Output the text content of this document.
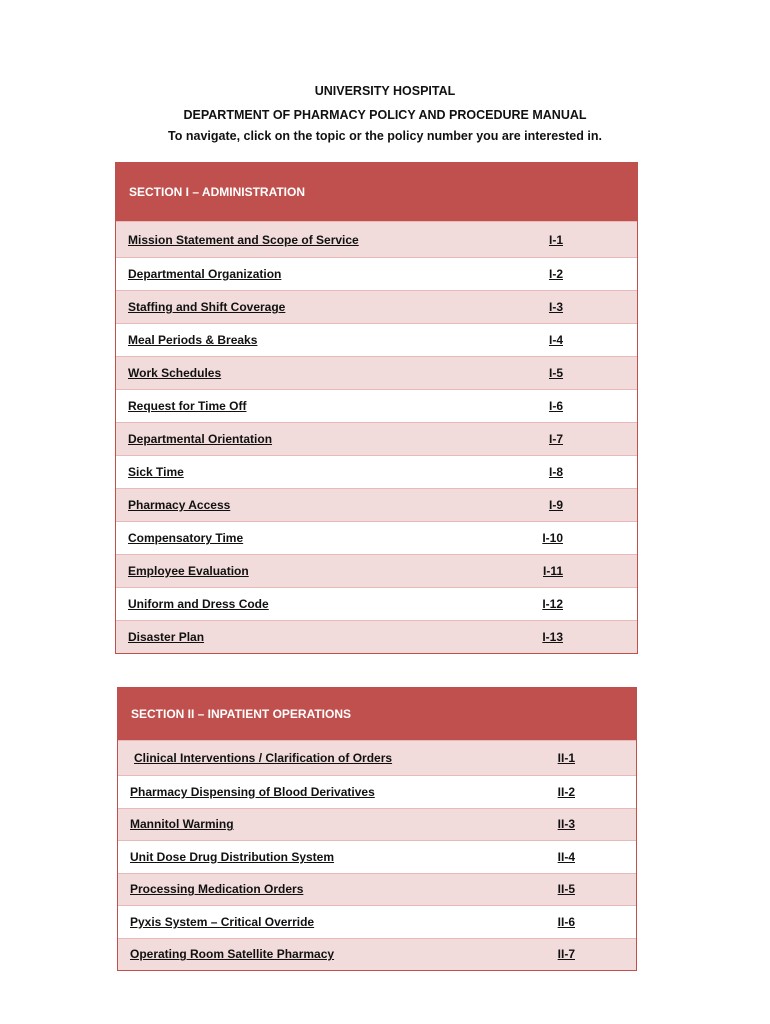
UNIVERSITY HOSPITAL
DEPARTMENT OF PHARMACY POLICY AND PROCEDURE MANUAL
To navigate, click on the topic or the policy number you are interested in.
SECTION I – ADMINISTRATION
Mission Statement and Scope of Service	I-1
Departmental Organization	I-2
Staffing and Shift Coverage	I-3
Meal Periods & Breaks	I-4
Work Schedules	I-5
Request for Time Off	I-6
Departmental Orientation	I-7
Sick Time	I-8
Pharmacy Access	I-9
Compensatory Time	I-10
Employee Evaluation	I-11
Uniform and Dress Code	I-12
Disaster Plan	I-13
SECTION II – INPATIENT OPERATIONS
Clinical Interventions / Clarification of Orders	II-1
Pharmacy Dispensing of Blood Derivatives	II-2
Mannitol Warming	II-3
Unit Dose Drug Distribution System	II-4
Processing Medication Orders	II-5
Pyxis System – Critical Override	II-6
Operating Room Satellite Pharmacy	II-7
